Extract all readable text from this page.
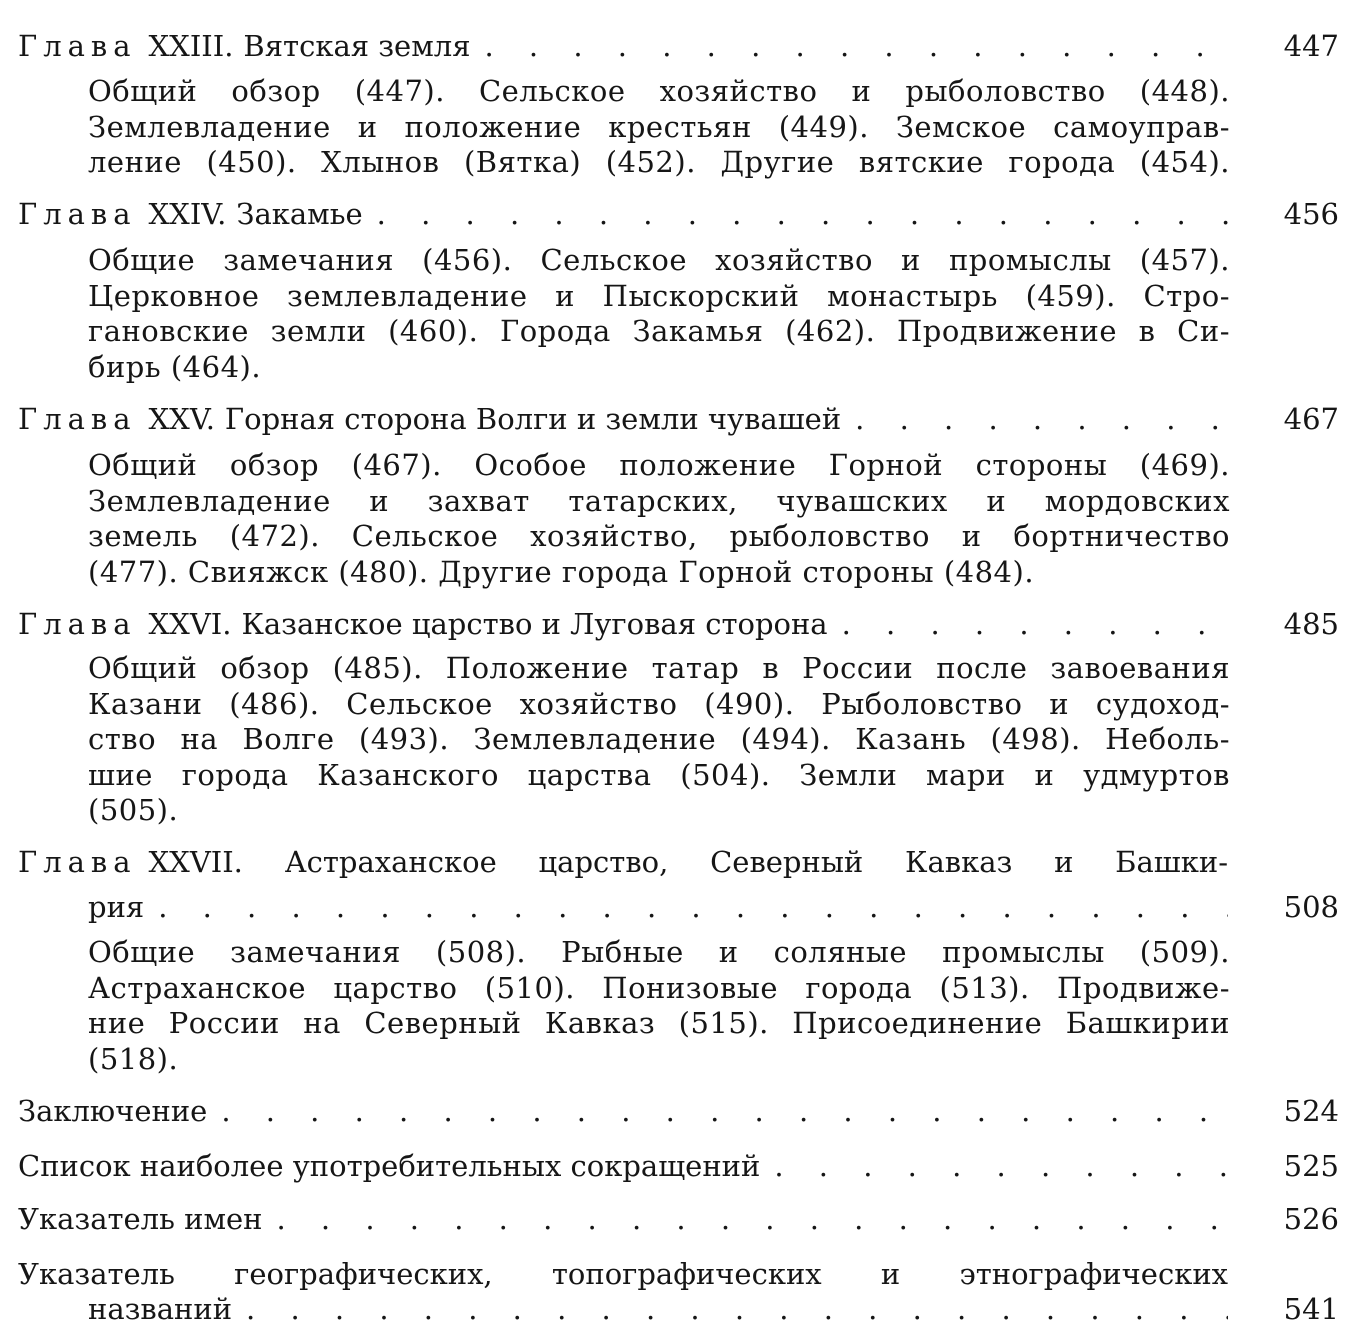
Глава XXIII. Вятская земля . . .	447
Общий обзор (447). Сельское хозяйство и рыболовство (448).
Землевладение и положение крестьян (449). Земское самоуправ-
ление (450). Хлынов (Вятка) (452). Другие вятские города (454).
Глава XXIV. Закамье . . .	456
Общие замечания (456). Сельское хозяйство и промыслы (457).
Церковное землевладение и Пыскорский монастырь (459). Стро-
гановские земли (460). Города Закамья (462). Продвижение в Си-
бирь (464).
Глава XXV. Горная сторона Волги и земли чувашей . . .	467
Общий обзор (467). Особое положение Горной стороны (469).
Землевладение и захват татарских, чувашских и мордовских
земель (472). Сельское хозяйство, рыболовство и бортничество
(477). Свияжск (480). Другие города Горной стороны (484).
Глава XXVI. Казанское царство и Луговая сторона . . .	485
Общий обзор (485). Положение татар в России после завоевания
Казани (486). Сельское хозяйство (490). Рыболовство и судоход-
ство на Волге (493). Землевладение (494). Казань (498). Неболь-
шие города Казанского царства (504). Земли мари и удмуртов
(505).
Глава XXVII. Астраханское царство, Северный Кавказ и Башки-
рия . . .	508
Общие замечания (508). Рыбные и соляные промыслы (509).
Астраханское царство (510). Понизовые города (513). Продвиже-
ние России на Северный Кавказ (515). Присоединение Башкирии
(518).
Заключение . . .	524
Список наиболее употребительных сокращений . . .	525
Указатель имен . . .	526
Указатель географических, топографических и этнографических
названий . . .	541
